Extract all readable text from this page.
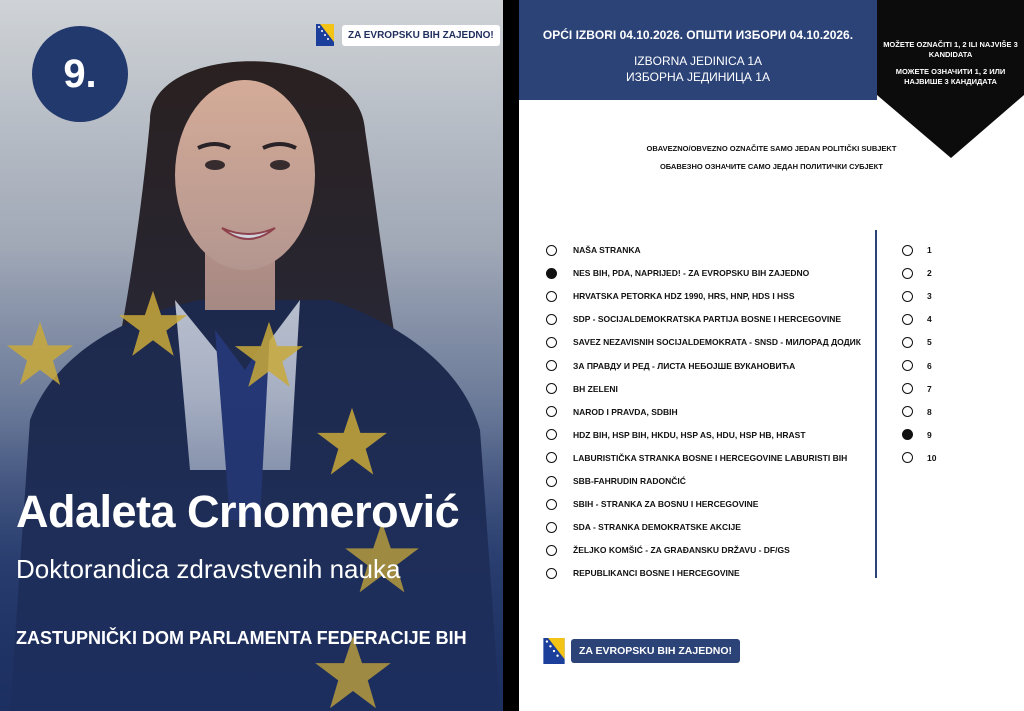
9.
ZA EVROPSKU BIH ZAJEDNO!
Adaleta Crnomerović
Doktorandica zdravstvenih nauka
ZASTUPNIČKI DOM PARLAMENTA FEDERACIJE BIH
OPĆI IZBORI 04.10.2026. ОПШТИ ИЗБОРИ 04.10.2026.
IZBORNA JEDINICA 1A
ИЗБОРНА ЈЕДИНИЦА 1А
MOŽETE OZNAČITI 1, 2 ILI NAJVIŠE 3 KANDIDATA
МОЖЕТЕ ОЗНАЧИТИ 1, 2 ИЛИ НАЈВИШЕ 3 КАНДИДАТА
OBAVEZNO/OBVEZNO OZNAČITE SAMO JEDAN POLITIČKI SUBJEKT
ОБАВЕЗНО ОЗНАЧИТЕ САМО ЈЕДАН ПОЛИТИЧКИ СУБЈЕКТ
NAŠA STRANKA
NES BIH, PDA, NAPRIJED! - ZA EVROPSKU BIH ZAJEDNO
HRVATSKA PETORKA HDZ 1990, HRS, HNP, HDS I HSS
SDP - SOCIJALDEMOKRATSKA PARTIJA BOSNE I HERCEGOVINE
SAVEZ NEZAVISNIH SOCIJALDEMOKRATA - SNSD - МИЛОРАД ДОДИК
ЗА ПРАВДУ И РЕД - ЛИСТА НЕБОЈШЕ ВУКАНОВИЋА
BH ZELENI
NAROD I PRAVDA, SDBIH
HDZ BIH, HSP BIH, HKDU, HSP AS, HDU, HSP HB, HRAST
LABURISTIČKA STRANKA BOSNE I HERCEGOVINE LABURISTI BIH
SBB-FAHRUDIN RADONČIĆ
SBIH - STRANKA ZA BOSNU I HERCEGOVINE
SDA - STRANKA DEMOKRATSKE AKCIJE
ŽELJKO KOMŠIĆ - ZA GRAĐANSKU DRŽAVU - DF/GS
REPUBLIKANCI BOSNE I HERCEGOVINE
1
2
3
4
5
6
7
8
9
10
ZA EVROPSKU BIH ZAJEDNO!
